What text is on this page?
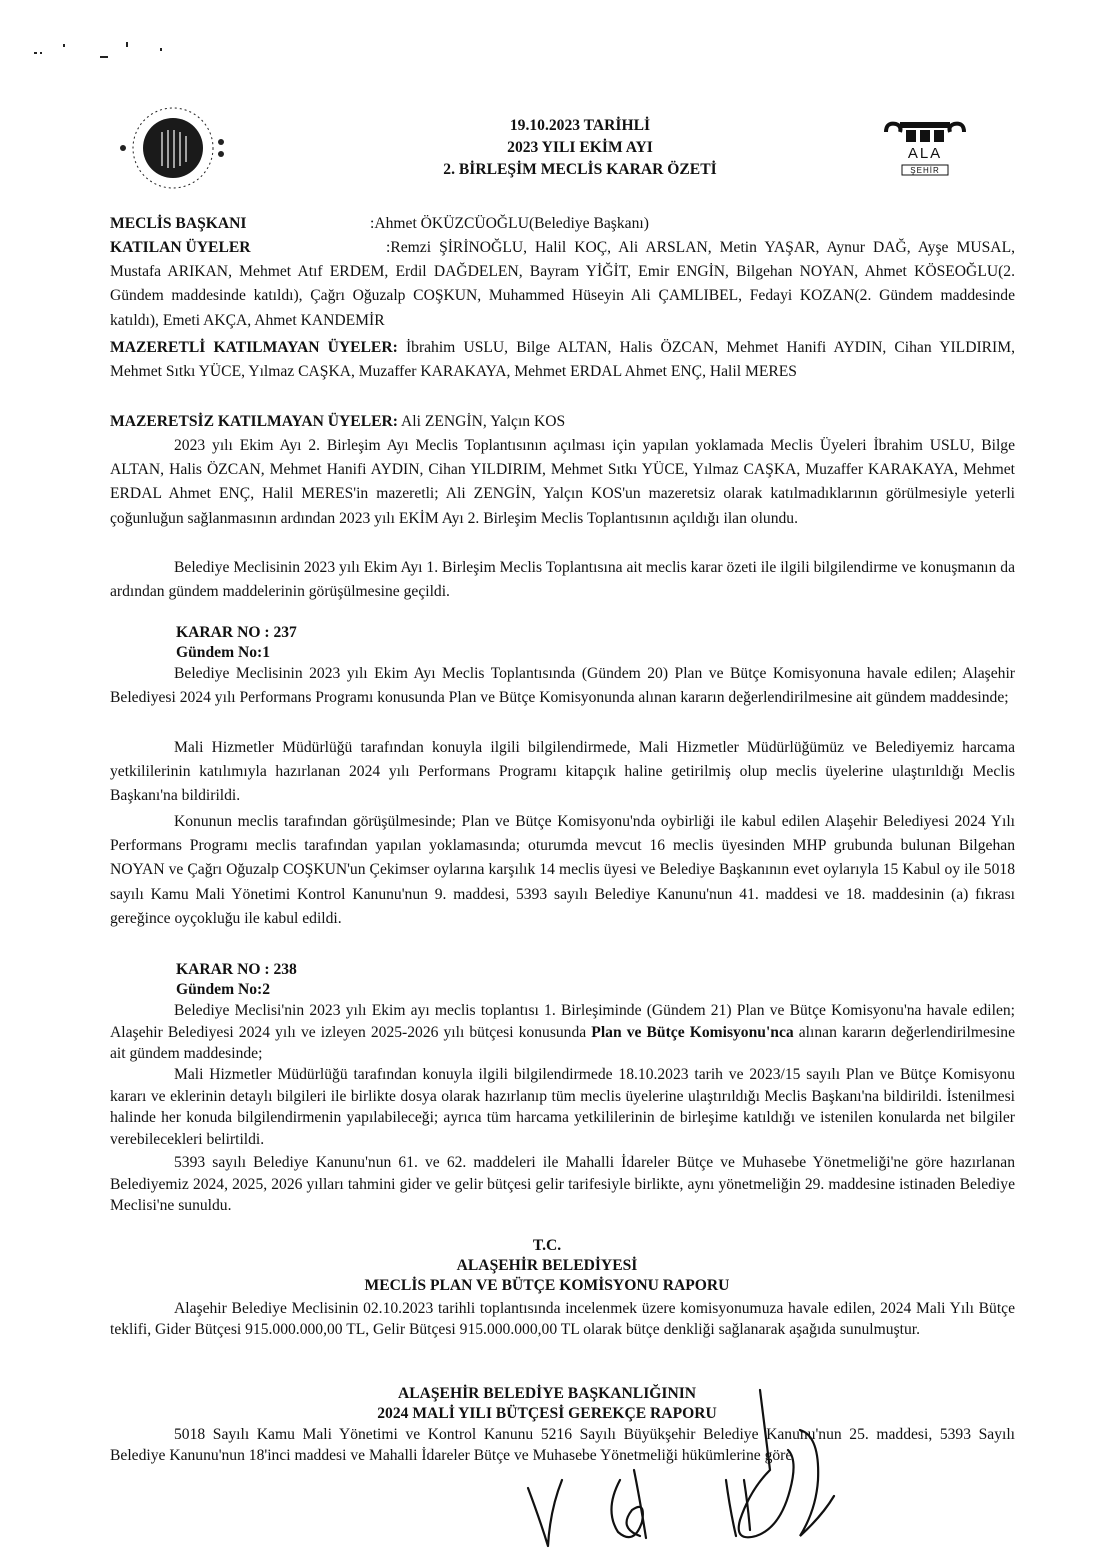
ALA
ŞEHİR
19.10.2023 TARİHLİ
2023 YILI EKİM AYI
2. BİRLEŞİM MECLİS KARAR ÖZETİ
MECLİS BAŞKANI	:Ahmet ÖKÜZCÜOĞLU(Belediye Başkanı)

KATILAN ÜYELER	:Remzi ŞİRİNOĞLU, Halil KOÇ, Ali ARSLAN, Metin YAŞAR, Aynur DAĞ, Ayşe MUSAL, Mustafa ARIKAN, Mehmet Atıf ERDEM, Erdil DAĞDELEN, Bayram YİĞİT, Emir ENGİN, Bilgehan NOYAN, Ahmet KÖSEOĞLU(2. Gündem maddesinde katıldı), Çağrı Oğuzalp COŞKUN, Muhammed Hüseyin Ali ÇAMLIBEL, Fedayi KOZAN(2. Gündem maddesinde katıldı), Emeti AKÇA, Ahmet KANDEMİR

MAZERETLİ KATILMAYAN ÜYELER: İbrahim USLU, Bilge ALTAN, Halis ÖZCAN, Mehmet Hanifi AYDIN, Cihan YILDIRIM, Mehmet Sıtkı YÜCE, Yılmaz CAŞKA, Muzaffer KARAKAYA, Mehmet ERDAL Ahmet ENÇ, Halil MERES

MAZERETSİZ KATILMAYAN ÜYELER: Ali ZENGİN, Yalçın KOS

2023 yılı Ekim Ayı 2. Birleşim Ayı Meclis Toplantısının açılması için yapılan yoklamada Meclis Üyeleri İbrahim USLU, Bilge ALTAN, Halis ÖZCAN, Mehmet Hanifi AYDIN, Cihan YILDIRIM, Mehmet Sıtkı YÜCE, Yılmaz CAŞKA, Muzaffer KARAKAYA, Mehmet ERDAL Ahmet ENÇ, Halil MERES'in mazeretli; Ali ZENGİN, Yalçın KOS'un mazeretsiz olarak katılmadıklarının görülmesiyle yeterli çoğunluğun sağlanmasının ardından 2023 yılı EKİM Ayı 2. Birleşim Meclis Toplantısının açıldığı ilan olundu.

Belediye Meclisinin 2023 yılı Ekim Ayı 1. Birleşim Meclis Toplantısına ait meclis karar özeti ile ilgili bilgilendirme ve konuşmanın da ardından gündem maddelerinin görüşülmesine geçildi.

KARAR NO : 237
Gündem No:1

Belediye Meclisinin 2023 yılı Ekim Ayı Meclis Toplantısında (Gündem 20) Plan ve Bütçe Komisyonuna havale edilen; Alaşehir Belediyesi 2024 yılı Performans Programı konusunda Plan ve Bütçe Komisyonunda alınan kararın değerlendirilmesine ait gündem maddesinde;

Mali Hizmetler Müdürlüğü tarafından konuyla ilgili bilgilendirmede, Mali Hizmetler Müdürlüğümüz ve Belediyemiz harcama yetkililerinin katılımıyla hazırlanan 2024 yılı Performans Programı kitapçık haline getirilmiş olup meclis üyelerine ulaştırıldığı Meclis Başkanı'na bildirildi.

Konunun meclis tarafından görüşülmesinde; Plan ve Bütçe Komisyonu'nda oybirliği ile kabul edilen Alaşehir Belediyesi 2024 Yılı Performans Programı meclis tarafından yapılan yoklamasında; oturumda mevcut 16 meclis üyesinden MHP grubunda bulunan Bilgehan NOYAN ve Çağrı Oğuzalp COŞKUN'un Çekimser oylarına karşılık 14 meclis üyesi ve Belediye Başkanının evet oylarıyla 15 Kabul oy ile 5018 sayılı Kamu Mali Yönetimi Kontrol Kanunu'nun 9. maddesi, 5393 sayılı Belediye Kanunu'nun 41. maddesi ve 18. maddesinin (a) fıkrası gereğince oyçokluğu ile kabul edildi.

KARAR NO : 238
Gündem No:2

Belediye Meclisi'nin 2023 yılı Ekim ayı meclis toplantısı 1. Birleşiminde (Gündem 21) Plan ve Bütçe Komisyonu'na havale edilen; Alaşehir Belediyesi 2024 yılı ve izleyen 2025-2026 yılı bütçesi konusunda Plan ve Bütçe Komisyonu'nca alınan kararın değerlendirilmesine ait gündem maddesinde;

Mali Hizmetler Müdürlüğü tarafından konuyla ilgili bilgilendirmede 18.10.2023 tarih ve 2023/15 sayılı Plan ve Bütçe Komisyonu kararı ve eklerinin detaylı bilgileri ile birlikte dosya olarak hazırlanıp tüm meclis üyelerine ulaştırıldığı Meclis Başkanı'na bildirildi. İstenilmesi halinde her konuda bilgilendirmenin yapılabileceği; ayrıca tüm harcama yetkililerinin de birleşime katıldığı ve istenilen konularda net bilgiler verebilecekleri belirtildi.

5393 sayılı Belediye Kanunu'nun 61. ve 62. maddeleri ile Mahalli İdareler Bütçe ve Muhasebe Yönetmeliği'ne göre hazırlanan Belediyemiz 2024, 2025, 2026 yılları tahmini gider ve gelir bütçesi gelir tarifesiyle birlikte, aynı yönetmeliğin 29. maddesine istinaden Belediye Meclisi'ne sunuldu.

T.C.
ALAŞEHİR BELEDİYESİ
MECLİS PLAN VE BÜTÇE KOMİSYONU RAPORU

Alaşehir Belediye Meclisinin 02.10.2023 tarihli toplantısında incelenmek üzere komisyonumuza havale edilen, 2024 Mali Yılı Bütçe teklifi, Gider Bütçesi 915.000.000,00 TL, Gelir Bütçesi 915.000.000,00 TL olarak bütçe denkliği sağlanarak aşağıda sunulmuştur.

ALAŞEHİR BELEDİYE BAŞKANLIĞININ
2024 MALİ YILI BÜTÇESİ GEREKÇE RAPORU

5018 Sayılı Kamu Mali Yönetimi ve Kontrol Kanunu 5216 Sayılı Büyükşehir Belediye Kanunu'nun 25. maddesi, 5393 Sayılı Belediye Kanunu'nun 18'inci maddesi ve Mahalli İdareler Bütçe ve Muhasebe Yönetmeliği hükümlerine göre
